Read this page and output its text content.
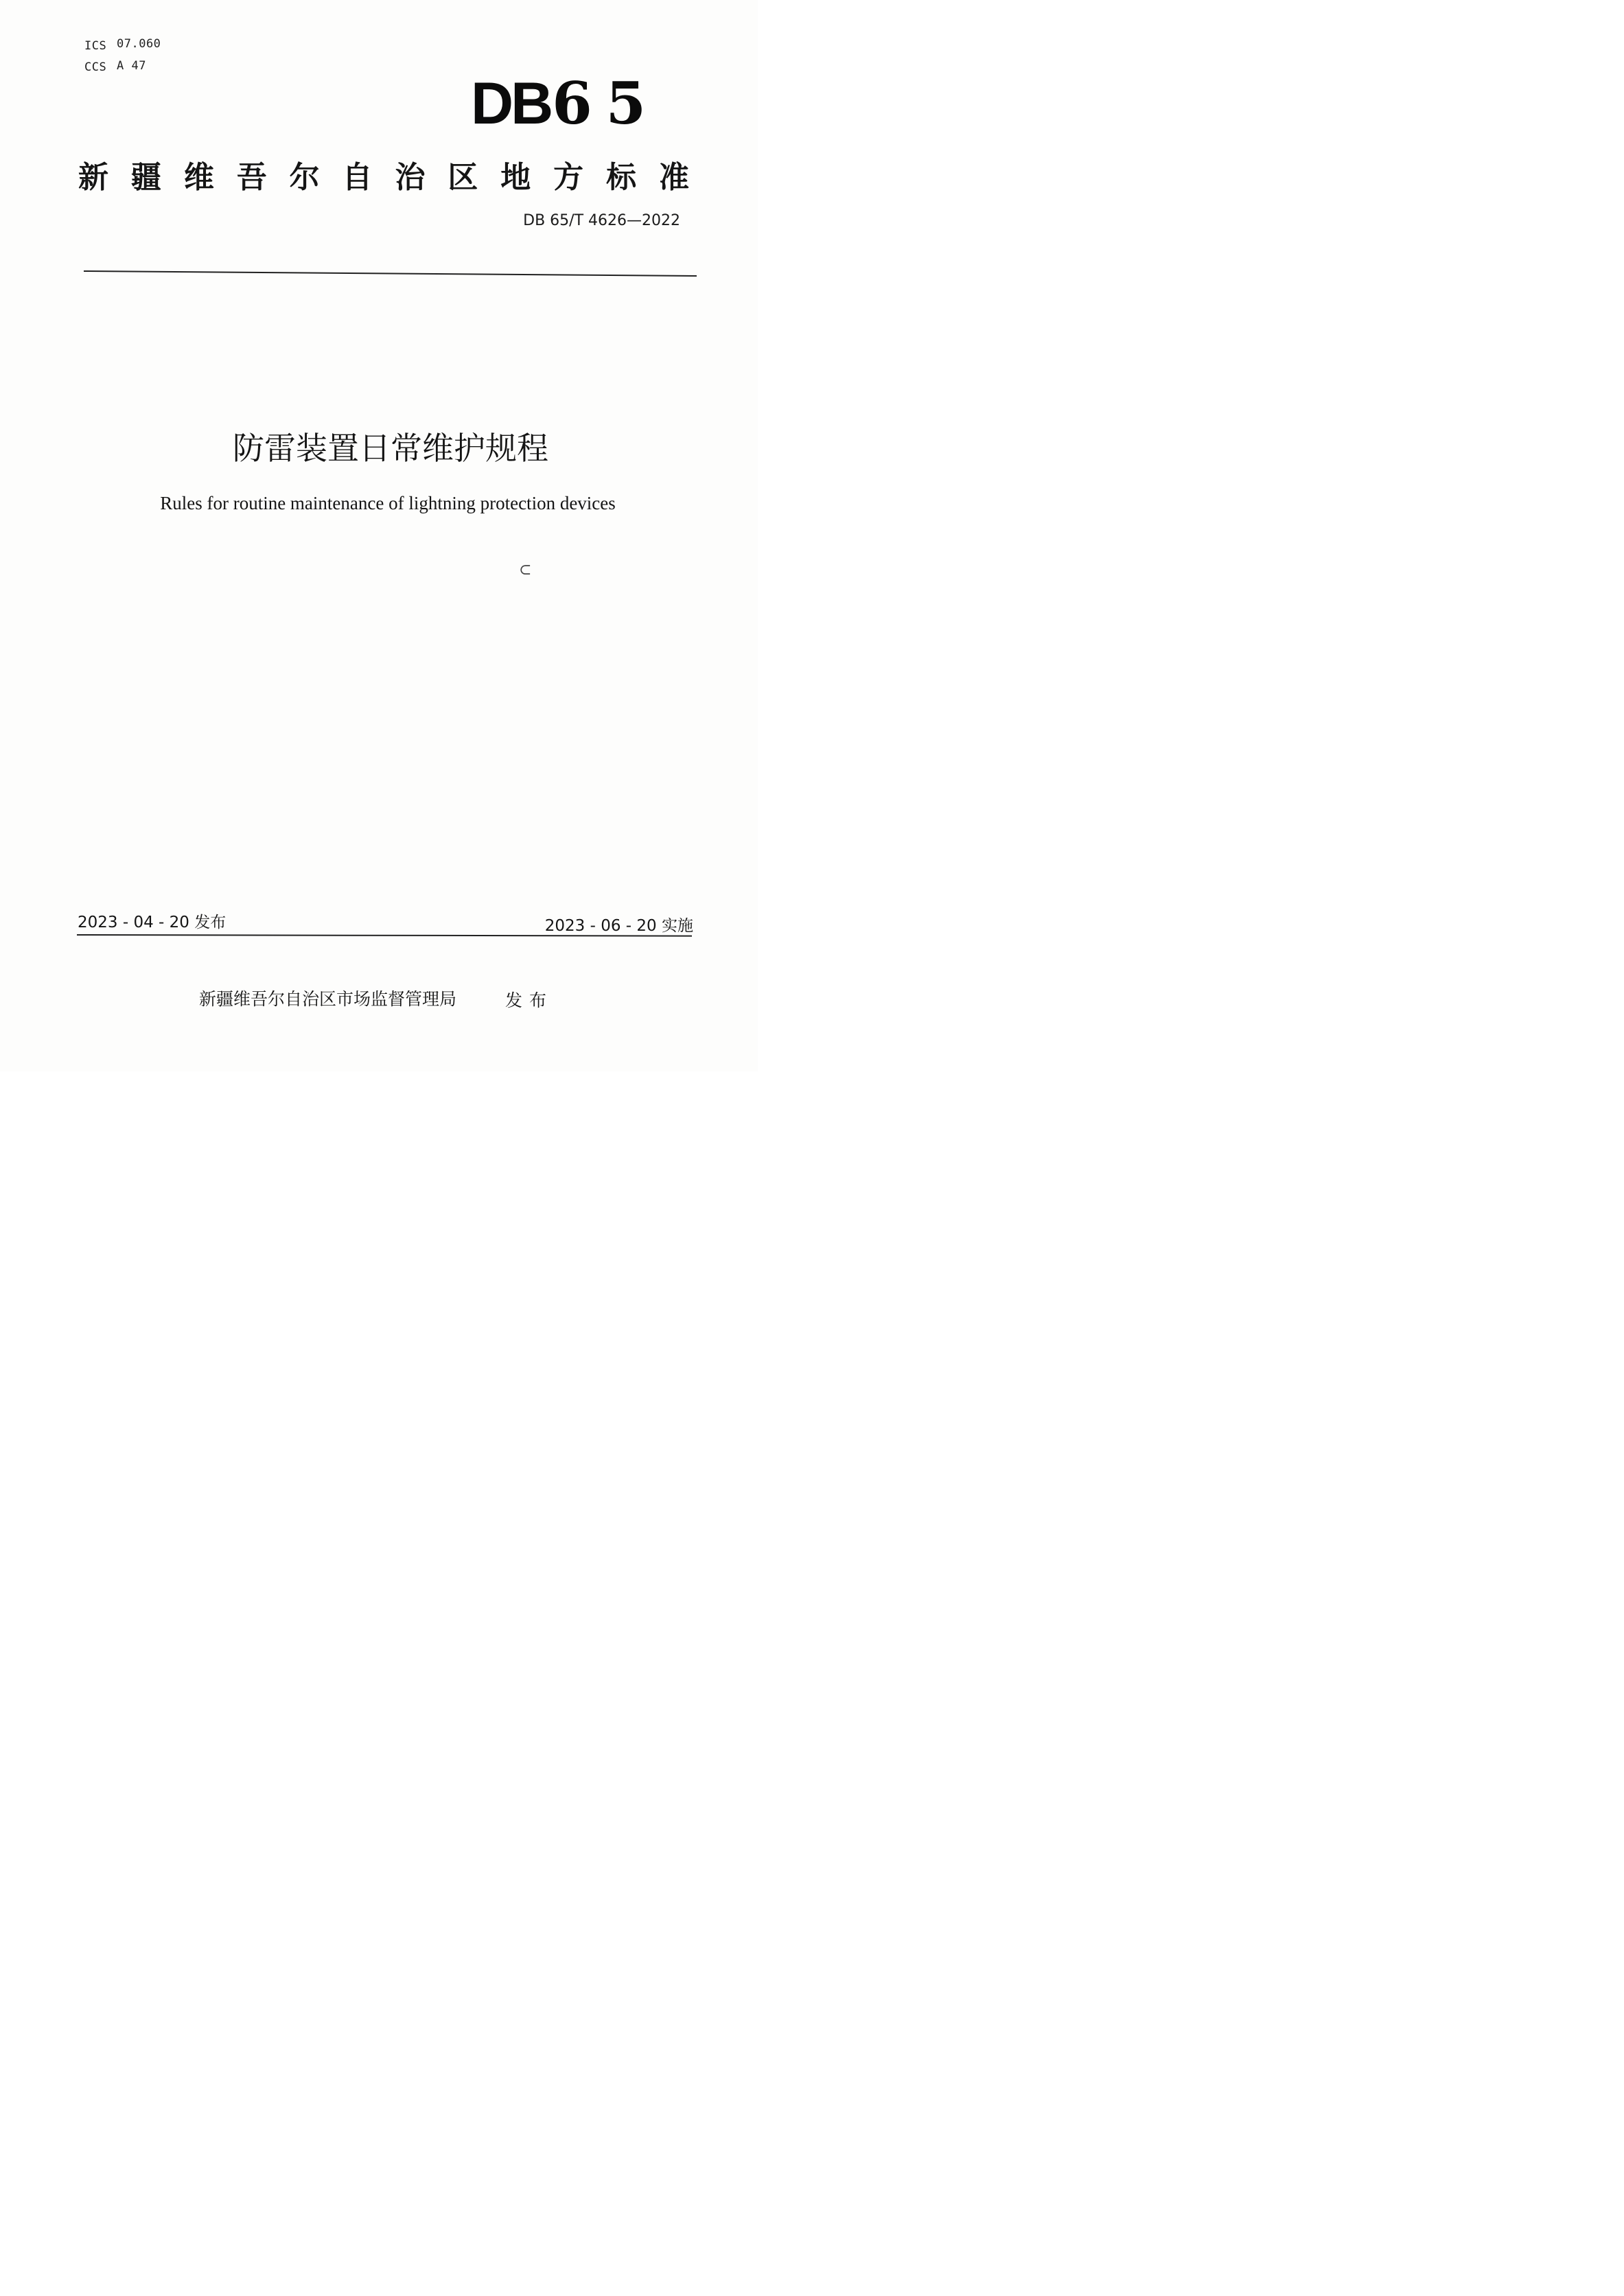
ICS 07.060
CCS A 47
DB6 5
新 疆 维 吾 尔 自 治 区 地 方 标 准
DB 65/T 4626—2022
防雷装置日常维护规程
Rules for routine maintenance of lightning protection devices
⊂
2023 - 04 - 20 发布	2023 - 06 - 20 实施
新疆维吾尔自治区市场监督管理局	发布
